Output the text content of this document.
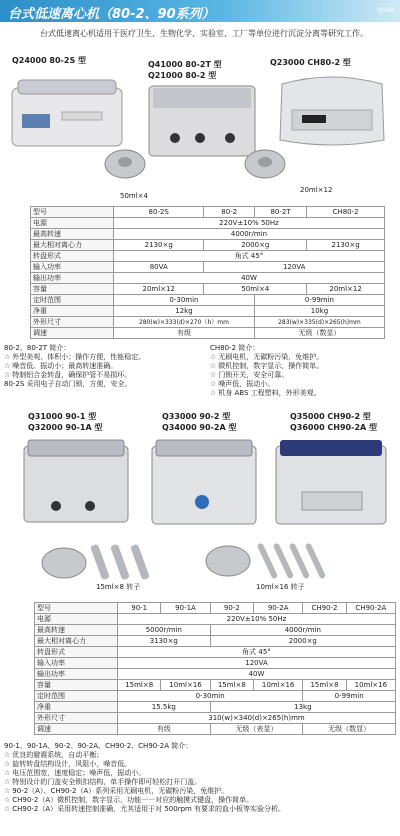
台式低速离心机（80-2、90系列）	Q0AB
台式低速离心机适用于医疗卫生、生物化学、实验室、工厂等单位进行沉淀分离等研究工作。
Q24000 80-2S 型	Q41000 80-2T 型
Q21000 80-2 型
Q23000 CH80-2 型
50ml×4
20ml×12
型号	80-2S	80-2	80-2T	CH80-2
电源	220V±10% 50Hz			
最高转速	4000r/min			
最大相对离心力	2130×g	2000×g		2130×g
转盘形式	角式 45°			
输入功率	80VA	120VA		
输出功率	40W			
容量	20ml×12	50ml×4		20ml×12
定时范围	0-30min		0-99min	
净重	12kg		10kg	
外形尺寸	280(w)×333(d)×270（h）mm		283(w)×335(d)×265(h)mm	
调速	有级		无级（数显）	
80-2、80-2T 简介：
☆ 外型美观、体积小；操作方便，性能稳定。
☆ 噪音低、振动小；最高转速准确。
☆ 特制铝合金转盘，确保护管不易损坏。
80-2S 采用电子自动门锁，方便，安全。
CH80-2 简介：
☆ 无刷电机，无碳粉污染，免维护。
☆ 微机控制，数字显示，操作简单。
☆ 门锁开关，安全可靠。
☆ 噪声低，振动小。
☆ 机身 ABS 工程塑料，外形美观。
Q31000 90-1 型
Q32000 90-1A 型
Q33000 90-2 型
Q34000 90-2A 型
Q35000 CH90-2 型
Q36000 CH90-2A 型
15ml×8 转子	10ml×16 转子
型号	90-1	90-1A	90-2	90-2A	CH90-2	CH90-2A
电源	220V±10% 50Hz					
最高转速	5000r/min		4000r/min			
最大相对离心力	3130×g		2000×g			
转盘形式	角式 45°					
输入功率	120VA					
输出功率	40W					
容量	15ml×8	10ml×16	15ml×8	10ml×16	15ml×8	10ml×16
定时范围	0-30min				0-99min	
净重	15.5kg		13kg			
外形尺寸	310(w)×340(d)×265(h)mm					
调速	有级		无级（表显）		无级（数显）	
90-1、90-1A、90-2、90-2A、CH90-2、CH90-2A 简介：
☆ 优良的避震系统，自动平衡；
☆ 旋转转盘结构设计，风阻小，噪音低。
☆ 电压范围宽，速度稳定；噪声低，振动小。
☆ 特别设计的门盖安全锁扣结构，单手操作即可轻松打开门盖。
☆ 90-2（A）、CH90-2（A）系列采用无刷电机，无碳粉污染，免维护。
☆ CH90-2（A）微机控制，数字显示，功能一一对应的触摸式键盘，操作简单。
☆ CH90-2（A）采用转速控制准确，尤其适用于对 500rpm 有要求的血小板等实验分析。
